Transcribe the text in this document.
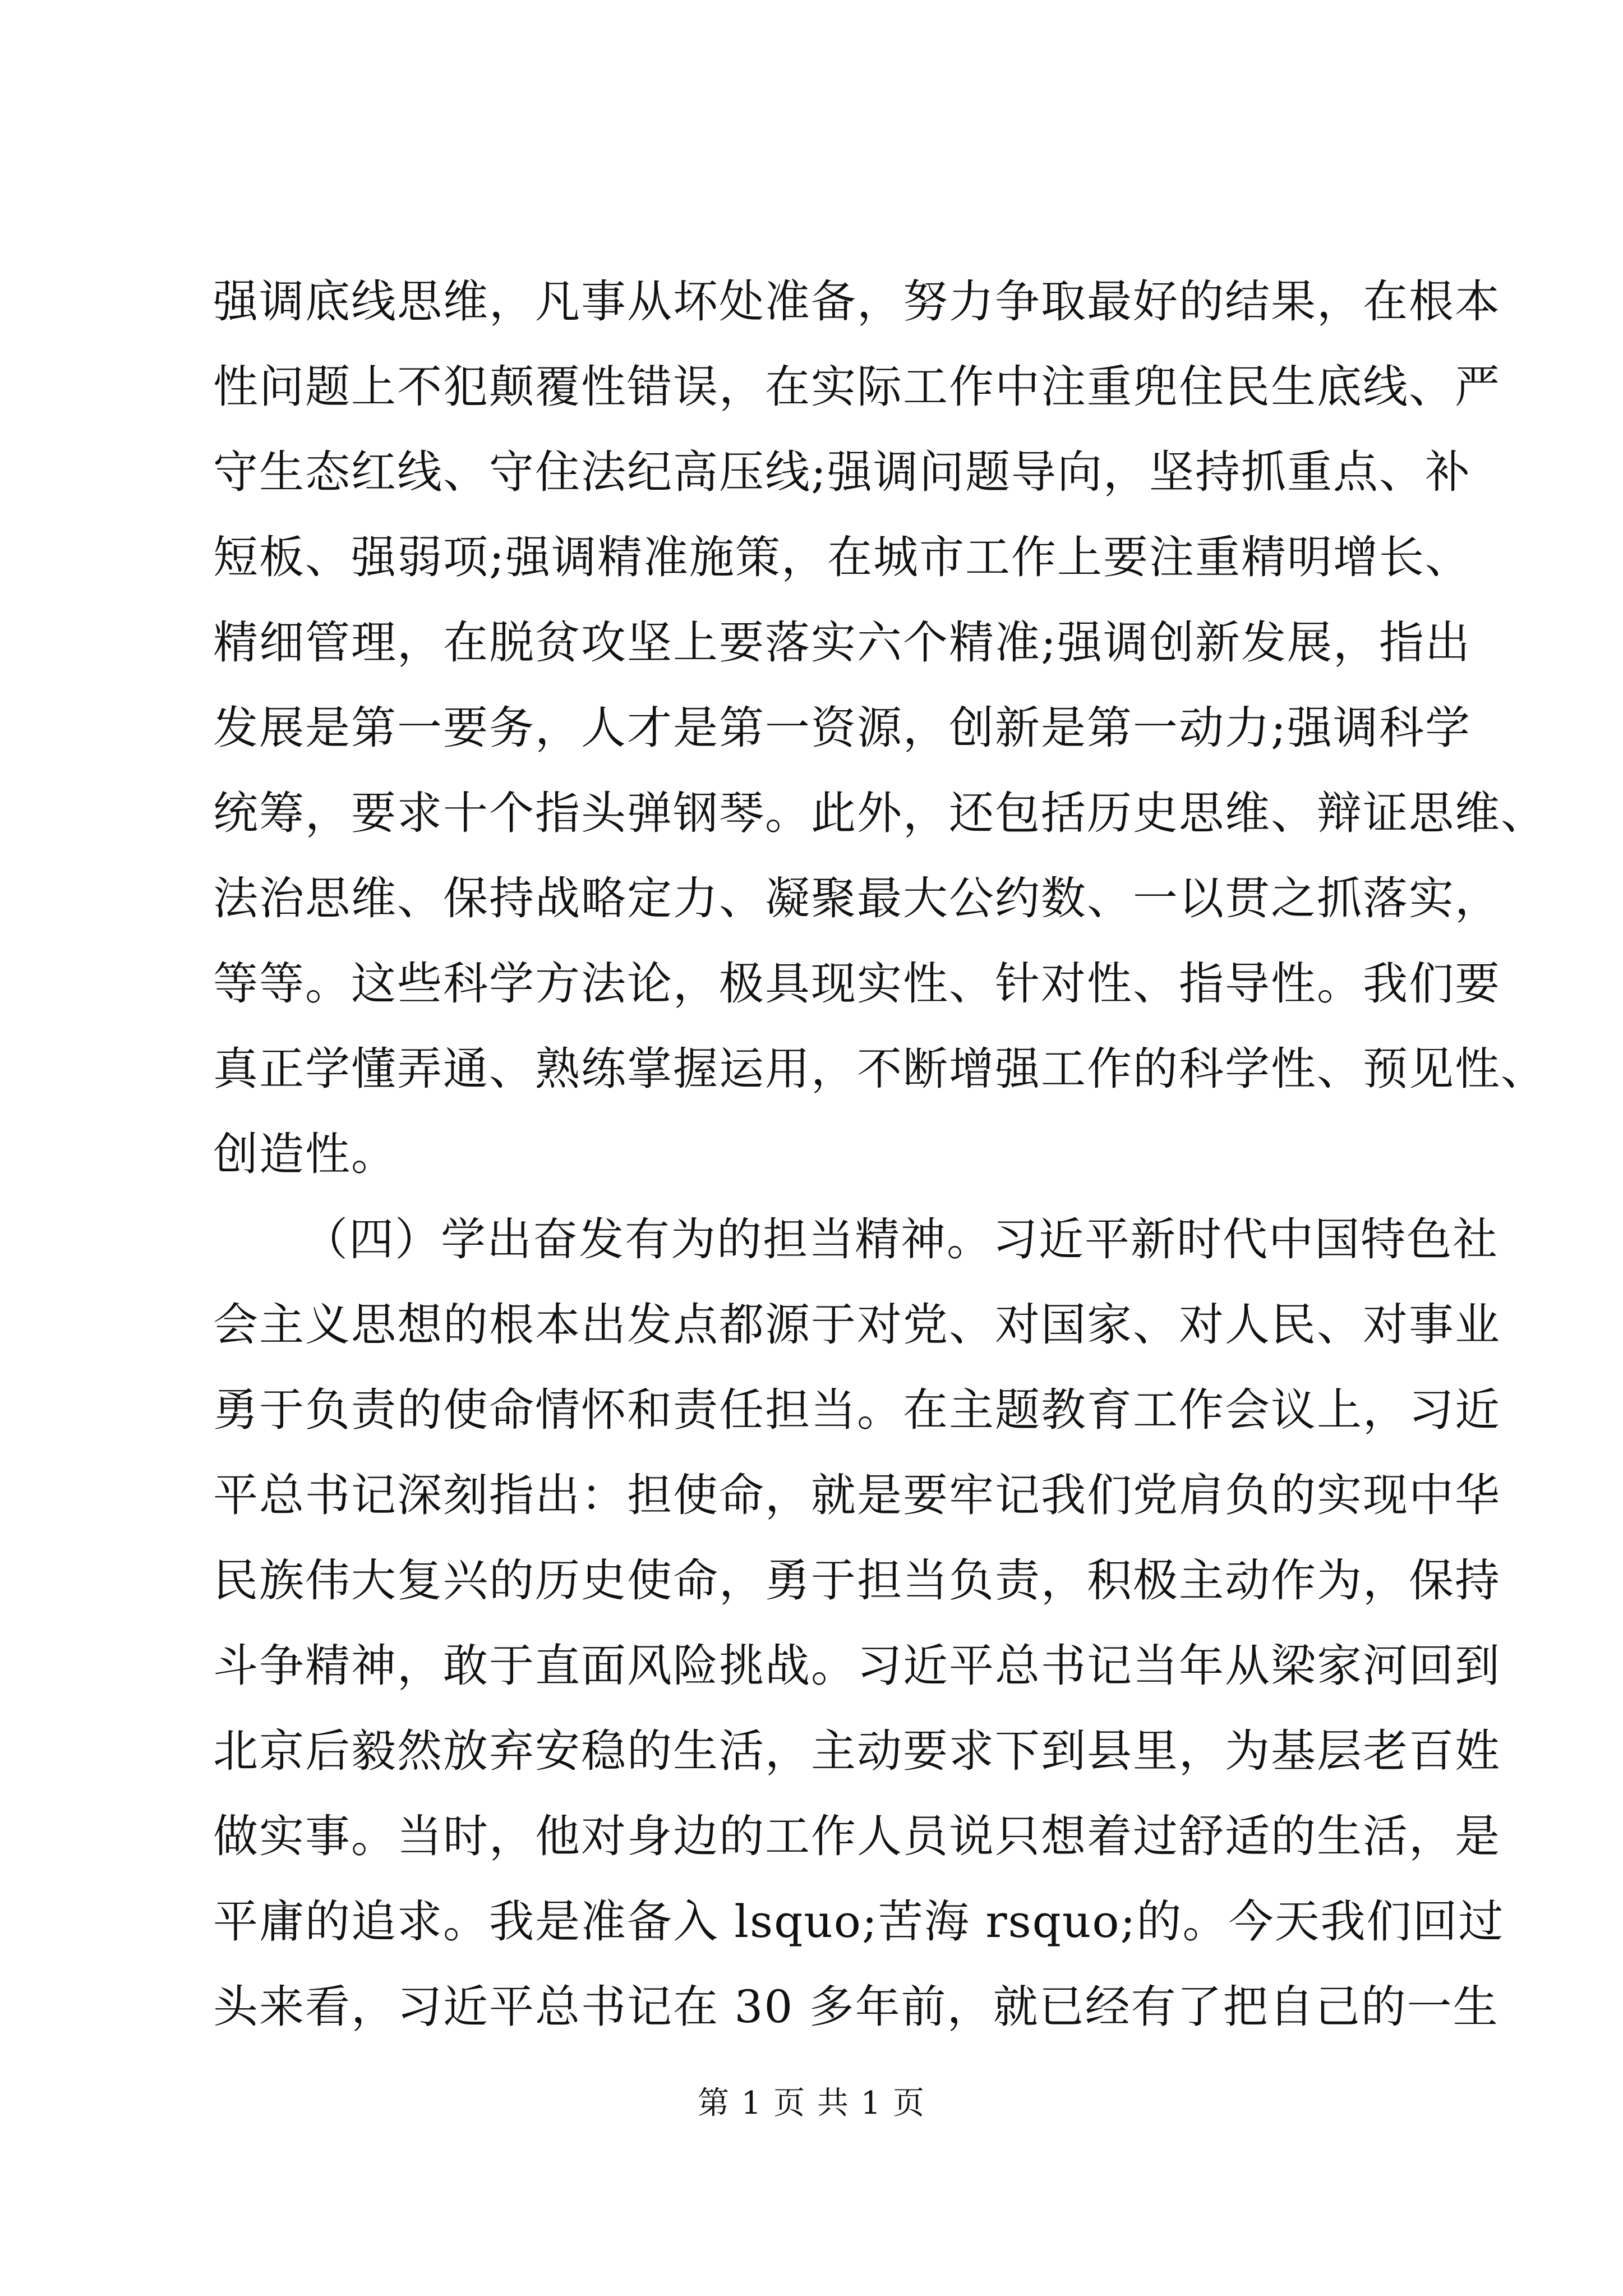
强调底线思维，凡事从坏处准备，努力争取最好的结果，在根本
性问题上不犯颠覆性错误，在实际工作中注重兜住民生底线、严
守生态红线、守住法纪高压线;强调问题导向，坚持抓重点、补
短板、强弱项;强调精准施策，在城市工作上要注重精明增长、
精细管理，在脱贫攻坚上要落实六个精准;强调创新发展，指出
发展是第一要务，人才是第一资源，创新是第一动力;强调科学
统筹，要求十个指头弹钢琴。此外，还包括历史思维、辩证思维、
法治思维、保持战略定力、凝聚最大公约数、一以贯之抓落实，
等等。这些科学方法论，极具现实性、针对性、指导性。我们要
真正学懂弄通、熟练掌握运用，不断增强工作的科学性、预见性、
创造性。
（四）学出奋发有为的担当精神。习近平新时代中国特色社
会主义思想的根本出发点都源于对党、对国家、对人民、对事业
勇于负责的使命情怀和责任担当。在主题教育工作会议上，习近
平总书记深刻指出：担使命，就是要牢记我们党肩负的实现中华
民族伟大复兴的历史使命，勇于担当负责，积极主动作为，保持
斗争精神，敢于直面风险挑战。习近平总书记当年从梁家河回到
北京后毅然放弃安稳的生活，主动要求下到县里，为基层老百姓
做实事。当时，他对身边的工作人员说只想着过舒适的生活，是
平庸的追求。我是准备入 lsquo;苦海 rsquo;的。今天我们回过
头来看，习近平总书记在 30 多年前，就已经有了把自己的一生
第 1 页 共 1 页
